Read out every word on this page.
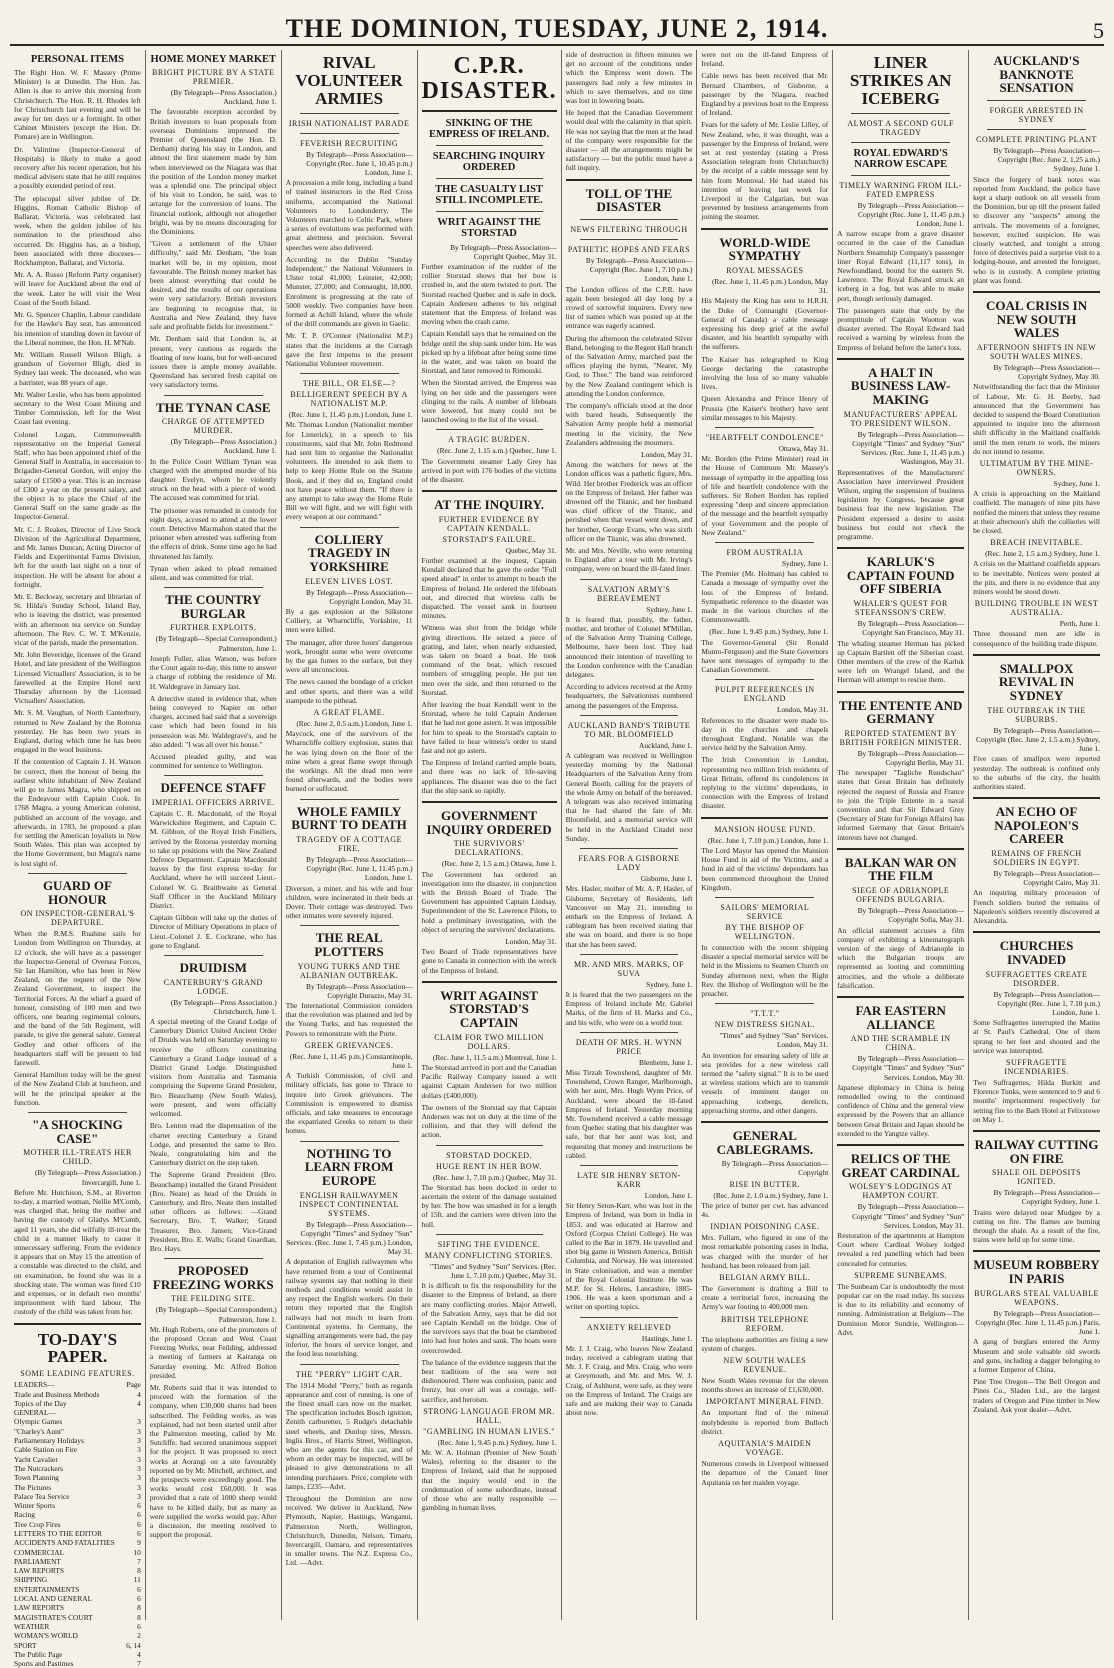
THE DOMINION, TUESDAY, JUNE 2, 1914.	5
PERSONAL ITEMS

The Right Hon. W. F. Massey (Prime Minister) is at Dunedin. The Hon. Jas. Allen is due to arrive this morning from Christchurch. The Hon. R. H. Rhodes left for Christchurch last evening and will be away for ten days or a fortnight. In other Cabinet Ministers (except the Hon. Dr. Pomare) are in Wellington.

Dr. Valintine (Inspector-General of Hospitals) is likely to make a good recovery after his recent operation, but his medical advisers state that he still requires a possibly extended period of rest.

The episcopal silver jubilee of Dr. Higgins, Roman Catholic Bishop of Ballarat, Victoria, was celebrated last week, when the golden jubilee of his nomination to the priesthood also occurred. Dr. Higgins has, as a bishop, been associated with three dioceses—Rockhampton, Ballarat, and Victoria.

Mr. A. A. Russo (Reform Party organiser) will leave for Auckland about the end of the week. Later he will visit the West Coast of the South Island.

Mr. G. Spencer Chaplin, Labour candidate for the Hawke's Bay seat, has announced his intention of standing down in favour of the Liberal nominee, the Hon. H. M'Nab.

Mr. William Russell Wilson Bligh, a grandson of Governor Bligh, died in Sydney last week. The deceased, who was a barrister, was 88 years of age.

Mr. Walter Leslie, who has been appointed secretary to the West Coast Mining and Timber Commission, left for the West Coast last evening.

Colonel Logan, Commonwealth representative on the Imperial General Staff, who has been appointed chief of the General Staff in Australia, in succession to Brigadier-General Gordon, will enjoy the salary of £1500 a year. This is an increase of £300 a year on the present salary, and the object is to place the Chief of the General Staff on the same grade as the Inspector-General.

Mr. C. J. Reakes, Director of Live Stock Division of the Agricultural Department, and Mr. James Duncan, Acting Director of Fields and Experimental Farms Division, left for the south last night on a tour of inspection. He will be absent for about a fortnight.

Mr. E. Beckway, secretary and librarian of St. Hilda's Sunday School, Island Bay, who is leaving the district, was presented with an afternoon tea service on Sunday afternoon. The Rev. C. W. T. M'Kenzie, vicar of the parish, made the presentation.

Mr. John Beveridge, licensee of the Grand Hotel, and late president of the Wellington Licensed Victuallers' Association, is to be farewelled at the Empire Hotel next Thursday afternoon by the Licensed Victuallers' Association.

Mr. S. M. Vaughan, of North Canterbury, returned to New Zealand by the Rotorua yesterday. He has been two years in England, during which time he has been engaged in the wool business.

If the contention of Captain J. H. Watson be correct, then the honour of being the earliest white inhabitant of New Zealand will go to James Magra, who shipped on the Endeavour with Captain Cook. In 1768 Magra, a young American colonist, published an account of the voyage, and afterwards, in 1783, he proposed a plan for settling the American loyalists in New South Wales. This plan was accepted by the Home Government, but Magra's name is lost sight of.

GUARD OF HONOUR
ON INSPECTOR-GENERAL'S DEPARTURE.

When the R.M.S. Ruahine sails for London from Wellington on Thursday, at 12 o'clock, she will have as a passenger the Inspector-General of Oversea Forces, Sir Ian Hamilton, who has been in New Zealand, on the request of the New Zealand Government, to inspect the Territorial Forces. At the wharf a guard of honour, consisting of 100 men and two officers, one bearing regimental colours, and the band of the 5th Regiment, will parade, to give the general salute. General Godley and other officers of the headquarters staff will be present to bid farewell.

General Hamilton today will be the guest of the New Zealand Club at luncheon, and will be the principal speaker at the function.

"A SHOCKING CASE"
MOTHER ILL-TREATS HER CHILD.
(By Telegraph—Press Association.) Invercargill, June 1.

Before Mr. Hutchison, S.M., at Riverton to-day, a married woman, Nellie M'Comb, was charged that, being the mother and having the custody of Gladys M'Comb, aged 11 years, she did wilfully ill-treat the child in a manner likely to cause it unnecessary suffering. From the evidence it appears that on May 15 the attention of a constable was directed to the child, and on examination, he found she was in a shocking state. The woman was fined £10 and expenses, or in default two months' imprisonment with hard labour. The custody of the child was taken from her.

TO-DAY'S PAPER.
SOME LEADING FEATURES.
LEADERS—	Page
Trade and Business Methods	4
Topics of the Day	4
GENERAL—
Olympic Games	3
"Charley's Aunt"	3
Parliamentary Holidays	3
Cable Station on Fire	3
Yacht Cavalier	3
The Nutcrackers	3
Town Planning	3
The Pictures	3
Palace Tea Service	3
Winter Sports	6
Racing	6
Tree Crop Fires	6
LETTERS TO THE EDITOR	6
ACCIDENTS AND FATALITIES	9
COMMERCIAL	10
PARLIAMENT	7
LAW REPORTS	8
SHIPPING	11
ENTERTAINMENTS	6
LOCAL AND GENERAL	6
LAW REPORTS	8
MAGISTRATE'S COURT	8
WEATHER	6
WOMAN'S WORLD	2
SPORT	6, 14
The Public Page	4
Sports and Pastimes	7
HOME MONEY MARKET
BRIGHT PICTURE BY A STATE PREMIER.
(By Telegraph—Press Association.) Auckland, June 1.

The favourable reception accorded by British investors to loan proposals from overseas Dominions impressed the Premier of Queensland (the Hon. D. Denham) during his stay in London, and almost the first statement made by him when interviewed on the Niagara was that the position of the London money market was a splendid one. The principal object of his visit to London, he said, was to arrange for the conversion of loans. The financial outlook, although not altogether bright, was by no means discouraging for the Dominions.

"Given a settlement of the Ulster difficulty," said Mr. Denham, "the loan market will be, in my opinion, most favourable. The British money market has been almost everything that could be desired, and the results of our operations were very satisfactory. British investors are beginning to recognise that, in Australia and New Zealand, they have safe and profitable fields for investment."

Mr. Denham said that London is, at present, very cautious as regards the floating of new loans, but for well-secured issues there is ample money available. Queensland has secured fresh capital on very satisfactory terms.

THE TYNAN CASE
CHARGE OF ATTEMPTED MURDER.
(By Telegraph—Press Association.) Auckland, June 1.

In the Police Court William Tynan was charged with the attempted murder of his daughter Evelyn, whom he violently struck on the head with a piece of wood. The accused was committed for trial.

The prisoner was remanded in custody for eight days, accused to attend at the lower court. Detective Macmahon stated that the prisoner when arrested was suffering from the effects of drink. Some time ago he had threatened his family.

Tynan when asked to plead remained silent, and was committed for trial.

THE COUNTRY BURGLAR
FURTHER EXPLOITS.
(By Telegraph—Special Correspondent.) Palmerston, June 1.

Joseph Fuller, alias Watson, was before the Court again to-day, this time to answer a charge of robbing the residence of Mr. H. Waldegrave in January last.

A detective stated in evidence that, when being conveyed to Napier on other charges, accused had said that a sovereign case which had been found in his possession was Mr. Waldegrave's, and he also added: "I was all over his house."

Accused pleaded guilty, and was committed for sentence to Wellington.

DEFENCE STAFF
IMPERIAL OFFICERS ARRIVE.

Captain C. R. Macdonald, of the Royal Warwickshire Regiment, and Captain C. M. Gibbon, of the Royal Irish Fusiliers, arrived by the Rotorua yesterday morning to take up positions with the New Zealand Defence Department. Captain Macdonald leaves by the first express to-day for Auckland, where he will succeed Lieut.-Colonel W. G. Braithwaite as General Staff Officer in the Auckland Military District.

Captain Gibbon will take up the duties of Director of Military Operations in place of Lieut.-Colonel J. E. Cockrane, who has gone to England.

DRUIDISM
CANTERBURY'S GRAND LODGE.
(By Telegraph—Press Association.) Christchurch, June 1.

A special meeting of the Grand Lodge of Canterbury District United Ancient Order of Druids was held on Saturday evening to receive the officers constituting Canterbury a Grand Lodge instead of a District Grand Lodge. Distinguished visitors from Australia and Tasmania comprising the Supreme Grand President, Bro. Beauchamp (New South Wales), were present, and were officially welcomed.

Bro. Lenton read the dispensation of the charter erecting Canterbury a Grand Lodge, and presented the same to Bro. Neale, congratulating him and the Canterbury district on the step taken.

The Supreme Grand President (Bro. Beauchamp) installed the Grand President (Bro. Neate) as head of the Druids in Canterbury, and Bro. Neate then installed other officers as follows: —Grand Secretary, Bro. T. Walker; Grand Treasurer, Bro. Jansen; Vice-Grand President, Bro. E. Walls; Grand Guardian, Bro. Hays.

PROPOSED FREEZING WORKS
THE FEILDING SITE.
(By Telegraph—Special Correspondent.) Palmerston, June 1.

Mr. Hugh Roberts, one of the promoters of the proposed Ocean and West Coast Freezing Works, near Feilding, addressed a meeting of farmers at Kairanga on Saturday evening. Mr. Alfred Bolton presided.

Mr. Roberts said that it was intended to proceed with the formation of the company, when £30,000 shares had been subscribed. The Feilding works, as was explained, had not been started until after the Palmerston meeting, called by Mr. Sutcliffe, had secured unanimous support for the project. It was proposed to erect works at Aorangi on a site favourably reported on by Mr. Mitchell, architect, and the prospects were exceedingly good. The works would cost £60,000. It was provided that a rate of 1000 sheep would have to be killed daily, but as many as were supplied the works would pay. After a discussion, the meeting resolved to support the proposal.

RIVAL VOLUNTEER ARMIES
IRISH NATIONALIST PARADE
FEVERISH RECRUITING
By Telegraph—Press Association—Copyright (Rec. June 1, 10.45 p.m.) London, June 1.

A procession a mile long, including a band of trained instructors in the Red Cross uniforms, accompanied the National Volunteers to Londonderry. The Volunteers marched to Celtic Park, where a series of evolutions was performed with great alertness and precision. Several speeches were also delivered.

According to the Dublin "Sunday Independent," the National Volunteers in Ulster total 41,000; Leinster, 42,000; Munster, 27,000; and Connaught, 18,000. Enrolment is progressing at the rate of 5000 weekly. Two companies have been formed at Achill Island, where the whole of the drill commands are given in Gaelic.

Mr. T. P. O'Connor (Nationalist M.P.) states that the incidents at the Curragh gave the first impetus to the present Nationalist Volunteer movement.

THE BILL, OR ELSE—?
BELLIGERENT SPEECH BY A NATIONALIST M.P.
(Rec. June 1, 11.45 p.m.) London, June 1.

Mr. Thomas Lundon (Nationalist member for Limerick), in a speech to his constituents, said that Mr. John Redmond had sent him to organise the Nationalist volunteers. He intended to ask them to help to keep Home Rule on the Statute Book, and if they did so, England could not have peace without them. "If there is any attempt to take away the Home Rule Bill we will fight, and we will fight with every weapon at our command."

COLLIERY TRAGEDY IN YORKSHIRE
ELEVEN LIVES LOST.
By Telegraph—Press Association—Copyright London, May 31.

By a gas explosion at the Silkstone Colliery, at Wharncliffe, Yorkshire, 11 men were killed.

The manager, after three hours' dangerous work, brought some who were overcome by the gas fumes to the surface, but they were all unconscious.

The news caused the bondage of a cricket and other sports, and there was a wild stampede to the pithead.

A GREAT FLAME.
(Rec. June 2, 0.5 a.m.) London, June 1.

Maycock, one of the survivors of the Wharncliffe colliery explosion, states that he was lying down on the floor of the mine when a great flame swept through the workings. All the dead men were found afterwards, and the bodies were burned or suffocated.

WHOLE FAMILY BURNT TO DEATH
TRAGEDY OF A COTTAGE FIRE.
By Telegraph—Press Association—Copyright (Rec. June 1, 11.45 p.m.) London, June 1.

Diverson, a miner, and his wife and four children, were incinerated in their beds at Dover. Their cottage was destroyed. Two other inmates were severely injured.

THE REAL PLOTTERS
YOUNG TURKS AND THE ALBANIAN OUTBREAK.
By Telegraph—Press Association—Copyright Durazzo, May 31.

The International Commission considers that the revolution was planned and led by the Young Turks, and has requested the Powers to remonstrate with the Porte.

GREEK GRIEVANCES.
(Rec. June 1, 11.45 p.m.) Constantinople, June 1.

A Turkish Commission, of civil and military officials, has gone to Thrace to inquire into Greek grievances. The Commission is empowered to dismiss officials, and take measures to encourage the expatriated Greeks to return to their homes.

NOTHING TO LEARN FROM EUROPE
ENGLISH RAILWAYMEN INSPECT CONTINENTAL SYSTEMS.
By Telegraph—Press Association—Copyright "Times" and Sydney "Sun" Services. (Rec. June 1, 7.45 p.m.) London, May 31.

A deputation of English railwaymen who have returned from a tour of Continental railway systems say that nothing in their methods and conditions would assist in any respect the English workers. On their return they reported that the English railways had not much to learn from Continental systems. In Germany, the signalling arrangements were bad, the pay inferior, the hours of service longer, and the food less nourishing.

THE "PERRY" LIGHT CAR.

The 1914 Model "Perry," both as regards appearance and cost of running, is one of the finest small cars now on the market. The specification includes Bosch ignition, Zenith carburetter, 5 Rudge's detachable steel wheels, and Dunlop tires, Messrs. Inglis Bros., of Harris Street, Wellington, who are the agents for this car, and of whom an order may be inspected, will be pleased to give demonstrations to all intending purchasers. Price, complete with lamps, £235—Advt.

Throughout the Dominion are now received. We deliver in Auckland, New Plymouth, Napier, Hastings, Wanganui, Palmerston North, Wellington, Christchurch, Dunedin, Nelson, Timaru, Invercargill, Oamaru, and representatives in smaller towns. The N.Z. Express Co., Ltd. —Advt.

C.P.R. DISASTER.
SINKING OF THE EMPRESS OF IRELAND.
SEARCHING INQUIRY ORDERED
THE CASUALTY LIST STILL INCOMPLETE.
WRIT AGAINST THE STORSTAD
By Telegraph—Press Association—Copyright Quebec, May 31.

Further examination of the rudder of the collier Storstad shows that her bow is crushed in, and the stem twisted to port. The Storstad reached Quebec and is safe in dock. Captain Andersen adheres to his original statement that the Empress of Ireland was moving when the crash came.

Captain Kendall says that he remained on the bridge until the ship sank under him. He was picked up by a lifeboat after being some time in the water, and was taken on board the Storstad, and later removed to Rimouski.

When the Storstad arrived, the Empress was lying on her side and the passengers were clinging to the rails. A number of lifeboats were lowered, but many could not be launched owing to the list of the vessel.

A TRAGIC BURDEN.
(Rec. June 2, 1.15 a.m.) Quebec, June 1.

The Government steamer Lady Grey has arrived in port with 176 bodies of the victims of the disaster.

AT THE INQUIRY.
FURTHER EVIDENCE BY CAPTAIN KENDALL.
STORSTAD'S FAILURE.
Quebec, May 31.

Further examined at the inquest, Captain Kendall declared that he gave the order "Full speed ahead" in order to attempt to beach the Empress of Ireland. He ordered the lifeboats out, and directed that wireless calls be dispatched. The vessel sank in fourteen minutes.

Witness was shot from the bridge while giving directions. He seized a piece of grating, and later, when nearly exhausted, was taken on board a boat. He took command of the boat, which rescued numbers of struggling people. He put ten men over the side, and then returned to the Storstad.

After leaving the boat Kendall went to the Storstad, where he told Captain Andersen that he had not gone astern. It was impossible for him to speak to the Storstad's captain to have failed to hear witness's order to stand fast and not go astern.

The Empress of Ireland carried ample boats, and there was no lack of life-saving appliances. The disaster was due to the fact that the ship sank so rapidly.

GOVERNMENT INQUIRY ORDERED
THE SURVIVORS' DECLARATIONS.
(Rec. June 2, 1.5 a.m.) Ottawa, June 1.

The Government has ordered an investigation into the disaster, in conjunction with the British Board of Trade. The Government has appointed Captain Lindsay, Superintendent of the St. Lawrence Pilots, to hold a preliminary investigation, with the object of securing the survivors' declarations.

London, May 31.

Two Board of Trade representatives have gone to Canada in connection with the wreck of the Empress of Ireland.

WRIT AGAINST STORSTAD'S CAPTAIN
CLAIM FOR TWO MILLION DOLLARS.
(Rec. June 1, 11.5 a.m.) Montreal, June 1.

The Storstad arrived in port and the Canadian Pacific Railway Company issued a writ against Captain Andersen for two million dollars (£400,000).

The owners of the Storstad say that Captain Andersen was not on duty at the time of the collision, and that they will defend the action.

STORSTAD DOCKED.
HUGE RENT IN HER BOW.
(Rec. June 1, 7.10 p.m.) Quebec, May 31.

The Storstad has been docked in order to ascertain the extent of the damage sustained by her. The bow was smashed in for a length of 15ft. and the carriers were driven into the hull.

SIFTING THE EVIDENCE.
MANY CONFLICTING STORIES.
"Times" and Sydney "Sun" Services. (Rec. June 1, 7.10 p.m.) Quebec, May 31.

It is difficult to fix the responsibility for the disaster to the Empress of Ireland, as there are many conflicting stories. Major Attwell, of the Salvation Army, says that he did not see Captain Kendall on the bridge. One of the survivors says that the boat he clambered into had four holes and sank. The boats were overcrowded.

The balance of the evidence suggests that the best traditions of the sea were not dishonoured. There was confusion, panic and frenzy, but over all was a courage, self-sacrifice, and heroism.

STRONG LANGUAGE FROM MR. HALL.
"GAMBLING IN HUMAN LIVES."
(Rec. June 1, 9.45 p.m.) Sydney, June 1.

Mr. W. A. Holman (Premier of New South Wales), referring to the disaster to the Empress of Ireland, said that he supposed that the inquiry would end in the condemnation of some subordinate, instead of those who are really responsible — gambling in human lives.

side of destruction in fifteen minutes we get no account of the conditions under which the Empress went down. The passengers had only a few minutes in which to save themselves, and no time was lost in lowering boats.

He hoped that the Canadian Government would deal with the calamity in that spirit. He was not saying that the men at the head of the company were responsible for the disaster — all the arrangements might be satisfactory — but the public must have a full inquiry.

TOLL OF THE DISASTER
NEWS FILTERING THROUGH
PATHETIC HOPES AND FEARS
By Telegraph—Press Association—Copyright (Rec. June 1, 7.10 p.m.) London, June 1.

The London offices of the C.P.R. have again been besieged all day long by a crowd of sorrowful inquirers. Every new list of names which was posted up at the entrance was eagerly scanned.

During the afternoon the celebrated Silver Band, belonging to the Regent Hall branch of the Salvation Army, marched past the offices playing the hymn, "Nearer, My God, to Thee." The band was reinforced by the New Zealand contingent which is attending the London conference.

The company's officials stood at the door with bared heads. Subsequently the Salvation Army people held a memorial meeting in the vicinity, the New Zealanders addressing the mourners.

London, May 31.

Among the watchers for news at the London offices was a pathetic figure, Mrs. Wild. Her brother Frederick was an officer on the Empress of Ireland. Her father was drowned off the Titanic, and her husband was chief officer of the Titanic, and perished when that vessel went down, and her brother, George Evans, who was sixth officer on the Titanic, was also drowned.

Mr. and Mrs. Neville, who were returning to England after a tour with Mr. Irving's company, were on board the ill-fated liner.

SALVATION ARMY'S BEREAVEMENT
Sydney, June 1.

It is feared that, possibly, the father, mother, and brother of Colonel M'Millan, of the Salvation Army Training College, Melbourne, have been lost. They had announced their intention of travelling to the London conference with the Canadian delegates.

According to advices received at the Army headquarters, the Salvationists numbered among the passengers of the Empress.

AUCKLAND BAND'S TRIBUTE TO MR. BLOOMFIELD
Auckland, June 1.

A cablegram was received in Wellington yesterday morning by the National Headquarters of the Salvation Army from General Booth, calling for the prayers of the whole Army on behalf of the bereaved. A telegram was also received intimating that he had shared the fate of Mr. Bloomfield, and a memorial service will be held in the Auckland Citadel next Sunday.

FEARS FOR A GISBORNE LADY
Gisborne, June 1.

Mrs. Hasler, mother of Mr. A. P. Hasler, of Gisborne, Secretary of Residents, left Vancouver on May 21, intending to embark on the Empress of Ireland. A cablegram has been received stating that she was on board, and there is no hope that she has been saved.

MR. AND MRS. MARKS, OF SUVA
Sydney, June 1.

It is feared that the two passengers on the Empress of Ireland include Mr. Gabriel Marks, of the firm of H. Marks and Co., and his wife, who were on a world tour.

DEATH OF MRS. H. WYNN PRICE
Blenheim, June 1.

Miss Tirzah Townshend, daughter of Mr. Townshend, Crown Ranger, Marlborough, with her aunt, Mrs. Hugh Wynn Price, of Auckland, were aboard the ill-fated Empress of Ireland. Yesterday morning Mr. Townshend received a cable message from Quebec stating that his daughter was safe, but that her aunt was lost, and requesting that money and instructions be cabled.

LATE SIR HENRY SETON-KARR
London, June 1.

Sir Henry Seton-Karr, who was lost in the Empress of Ireland, was born in India in 1853, and was educated at Harrow and Oxford (Corpus Christi College). He was called to the Bar in 1879. He travelled and shot big game in Western America, British Columbia, and Norway. He was interested in State colonisation, and was a member of the Royal Colonial Institute. He was M.P. for St. Helens, Lancashire, 1885-1906. He was a keen sportsman and a writer on sporting topics.

ANXIETY RELIEVED
Hastings, June 1.

Mr. J. J. Craig, who leaves New Zealand today, received a cablegram stating that Mr. J. F. Craig, and Mrs. Craig, who were at Greymouth, and Mr. and Mrs. W. J. Craig, of Ashhurst, were safe, as they were on the Empress of Ireland. The Craigs are safe and are making their way to Canada about now.

were not on the ill-fated Empress of Ireland.

Cable news has been received that Mr. Bernard Chambers, of Gisborne, a passenger by the Niagara, reached England by a previous boat to the Empress of Ireland.

Fears for the safety of Mr. Leslie Lilley, of New Zealand, who, it was thought, was a passenger by the Empress of Ireland, were set at rest yesterday (stating a Press Association telegram from Christchurch) by the receipt of a cable message sent by him from Montreal. He had stated his intention of leaving last week for Liverpool in the Calgarian, but was prevented by business arrangements from joining the steamer.

WORLD-WIDE SYMPATHY
ROYAL MESSAGES
(Rec. June 1, 11.45 p.m.) London, May 31.

His Majesty the King has sent to H.R.H. the Duke of Connaught (Governor-General of Canada) a cable message expressing his deep grief at the awful disaster, and his heartfelt sympathy with the sufferers.

The Kaiser has telegraphed to King George declaring the catastrophe involving the loss of so many valuable lives.

Queen Alexandra and Prince Henry of Prussia (the Kaiser's brother) have sent similar messages to his Majesty.

"HEARTFELT CONDOLENCE"
Ottawa, May 31.

Mr. Borden (the Prime Minister) read in the House of Commons Mr. Massey's message of sympathy in the appalling loss of life and heartfelt condolence with the sufferers. Sir Robert Borden has replied expressing "deep and sincere appreciation of the message and the heartfelt sympathy of your Government and the people of New Zealand."

FROM AUSTRALIA
Sydney, June 1.

The Premier (Mr. Holman) has cabled to Canada a message of sympathy over the loss of the Empress of Ireland. Sympathetic reference to the disaster was made in the various churches of the Commonwealth.

(Rec. June 1, 9.45 p.m.) Sydney, June 1.

The Governor-General (Sir Ronald Munro-Ferguson) and the State Governors have sent messages of sympathy to the Canadian Government.

PULPIT REFERENCES IN ENGLAND
London, May 31.

References to the disaster were made to-day in the churches and chapels throughout England. Notable was the service held by the Salvation Army.

The Irish Convention in London, representing two million Irish residents of Great Britain, offered its condolences in replying to the victims' dependants, in connection with the Empress of Ireland disaster.

MANSION HOUSE FUND.
(Rec. June 1, 7.10 p.m.) London, June 1.

The Lord Mayor has opened the Mansion House Fund in aid of the Victims, and a fund in aid of the victims' dependants has been commenced throughout the United Kingdom.

SAILORS' MEMORIAL SERVICE
BY THE BISHOP OF WELLINGTON.

In connection with the recent shipping disaster a special memorial service will be held in the Missions to Seamen Church on Sunday afternoon next, when the Right Rev. the Bishop of Wellington will be the preacher.

"T.T.T."
NEW DISTRESS SIGNAL.
"Times" and Sydney "Sun" Services. London, May 31.

An invention for ensuring safety of life at sea provides for a new wireless call termed the "safety signal." It is to be used at wireless stations which are to transmit vessels of imminent danger on approaching icebergs, derelicts, approaching storms, and other dangers.

GENERAL CABLEGRAMS.
By Telegraph—Press Association—Copyright
RISE IN BUTTER.
(Rec. June 2, 1.0 a.m.) Sydney, June 1.

The price of butter per cwt. has advanced 4s.

INDIAN POISONING CASE.

Mrs. Fullam, who figured in one of the most remarkable poisoning cases in India, was charged with the murder of her husband, has been released from jail.

BELGIAN ARMY BILL.

The Government is drafting a Bill to create a territorial force, increasing the Army's war footing to 400,000 men.

BRITISH TELEPHONE REFORM.

The telephone authorities are fixing a new system of charges.

NEW SOUTH WALES REVENUE.

New South Wales revenue for the eleven months shows an increase of £1,630,000.

IMPORTANT MINERAL FIND.

An important find of the mineral molybdenite is reported from Bulloch district.

AQUITANIA'S MAIDEN VOYAGE.

Numerous crowds in Liverpool witnessed the departure of the Cunard liner Aquitania on her maiden voyage.

LINER STRIKES AN ICEBERG
ALMOST A SECOND GULF TRAGEDY
ROYAL EDWARD'S NARROW ESCAPE
TIMELY WARNING FROM ILL-FATED EMPRESS
By Telegraph—Press Association—Copyright (Rec. June 1, 11.45 p.m.) London, June 1.

A narrow escape from a grave disaster occurred in the case of the Canadian Northern Steamship Company's passenger liner Royal Edward (11,117 tons), in Newfoundland, bound for the eastern St. Lawrence. The Royal Edward struck an iceberg in a fog, but was able to make port, though seriously damaged.

The passengers state that only by the promptitude of Captain Wootton was disaster averted. The Royal Edward had received a warning by wireless from the Empress of Ireland before the latter's loss.

A HALT IN BUSINESS LAW-MAKING
MANUFACTURERS' APPEAL TO PRESIDENT WILSON.
By Telegraph—Press Association—Copyright "Times" and Sydney "Sun" Services. (Rec. June 1, 11.45 p.m.) Washington, May 31.

Representatives of the Manufacturers' Association have interviewed President Wilson, urging the suspension of business legislation by Congress, because great business fear the new legislation. The President expressed a desire to assist business but could not check the programme.

KARLUK'S CAPTAIN FOUND OFF SIBERIA
WHALER'S QUEST FOR STEFANSSON'S CREW.
By Telegraph—Press Association—Copyright San Francisco, May 31.

The whaling steamer Herman has picked up Captain Bartlett off the Siberian coast. Other members of the crew of the Karluk were left on Wrangel Island, and the Herman will attempt to rescue them.

THE ENTENTE AND GERMANY
REPORTED STATEMENT BY BRITISH FOREIGN MINISTER.
By Telegraph—Press Association—Copyright Berlin, May 31.

The newspaper "Tagliche Rundschau" states that Great Britain has definitely rejected the request of Russia and France to join the Triple Entente in a naval convention and that Sir Edward Grey (Secretary of State for Foreign Affairs) has informed Germany that Great Britain's interests have not changed.

BALKAN WAR ON THE FILM
SIEGE OF ADRIANOPLE OFFENDS BULGARIA.
By Telegraph—Press Association—Copyright Sofia, May 31.

An official statement accuses a film company of exhibiting a kinematograph version of the siege of Adrianople in which the Bulgarian troops are represented as looting and committing atrocities, and the whole a deliberate falsification.

FAR EASTERN ALLIANCE
AND THE SCRAMBLE IN CHINA.
By Telegraph—Press Association—Copyright "Times" and Sydney "Sun" Services. London, May 30.

Japanese diplomacy in China is being remodelled owing to the continued confidence of China and the general view expressed by the Powers that an alliance between Great Britain and Japan should be extended to the Yangtze valley.

RELICS OF THE GREAT CARDINAL
WOLSEY'S LODGINGS AT HAMPTON COURT.
By Telegraph—Press Association—Copyright "Times" and Sydney "Sun" Services. London, May 31.

Restoration of the apartments at Hampton Court where Cardinal Wolsey lodged revealed a red panelling which had been concealed for centuries.

SUPREME SUNBEAMS.

The Sunbeam Car is undoubtedly the most popular car on the road today. Its success is due to its reliability and economy of running. Administration at Belgium—The Dominion Motor Sundrie, Wellington—Advt.

AUCKLAND'S BANKNOTE SENSATION
FORGER ARRESTED IN SYDNEY
COMPLETE PRINTING PLANT
By Telegraph—Press Association—Copyright (Rec. June 2, 1.25 a.m.) Sydney, June 1.

Since the forgery of bank notes was reported from Auckland, the police have kept a sharp outlook on all vessels from the Dominion, but up till the present failed to discover any "suspects" among the arrivals. The movements of a foreigner, however, excited suspicion. He was closely watched, and tonight a strong force of detectives paid a surprise visit to a lodging-house, and arrested the foreigner, who is in custody. A complete printing plant was found.

COAL CRISIS IN NEW SOUTH WALES
AFTERNOON SHIFTS IN NEW SOUTH WALES MINES.
By Telegraph—Press Association—Copyright Sydney, May 30.

Notwithstanding the fact that the Minister of Labour, Mr. G. H. Beeby, had announced that the Government has decided to suspend the Board Constitution appointed to inquire into the afternoon shift difficulty in the Maitland coalfields until the men return to work, the miners do not intend to resume.

ULTIMATUM BY THE MINE-OWNERS.
Sydney, June 1.

A crisis is approaching on the Maitland coalfield. The managers of nine pits have notified the miners that unless they resume at their afternoon's shift the collieries will be closed.

BREACH INEVITABLE.
(Rec. June 2, 1.5 a.m.) Sydney, June 1.

A crisis on the Maitland coalfields appears to be inevitable. Notices were posted at the pits, and there is no evidence that any miners would be stood down.

BUILDING TROUBLE IN WEST AUSTRALIA.
Perth, June 1.

Three thousand men are idle in consequence of the building trade dispute.

SMALLPOX REVIVAL IN SYDNEY
THE OUTBREAK IN THE SUBURBS.
By Telegraph—Press Association—Copyright (Rec. June 2, 1.5 a.m.) Sydney, June 1.

Five cases of smallpox were reported yesterday. The outbreak is confined only to the suburbs of the city, the health authorities stated.

AN ECHO OF NAPOLEON'S CAREER
REMAINS OF FRENCH SOLDIERS IN EGYPT.
By Telegraph—Press Association—Copyright Cairo, May 31.

An inquiring military procession of French soldiers buried the remains of Napoleon's soldiers recently discovered at Alexandria.

CHURCHES INVADED
SUFFRAGETTES CREATE DISORDER.
By Telegraph—Press Association—Copyright (Rec. June 1, 7.10 p.m.) London, June 1.

Some Suffragettes interrupted the Matins at St. Paul's Cathedral. One of them sprang to her feet and shouted and the service was interrupted.

SUFFRAGETTE INCENDIARIES.

Two Suffragettes, Hilda Burkitt and Florence Tunks, were sentenced to 9 and 6 months' imprisonment respectively for setting fire to the Bath Hotel at Felixstowe on May 1.

RAILWAY CUTTING ON FIRE
SHALE OIL DEPOSITS IGNITED.
By Telegraph—Press Association—Copyright Sydney, June 1.

Trains were delayed near Mudgee by a cutting on fire. The flames are burning through the shale. As a result of the fire, trains were held up for some time.

MUSEUM ROBBERY IN PARIS
BURGLARS STEAL VALUABLE WEAPONS.
By Telegraph—Press Association—Copyright (Rec. June 1, 11.45 p.m.) Paris, June 1.

A gang of burglars entered the Army Museum and stole valuable old swords and guns, including a dagger belonging to a former Emperor of China.

Pine Tree Oregon—The Bell Oregon and Pines Co., Sladen Ltd., are the largest traders of Oregon and Pine timber in New Zealand. Ask your dealer—Advt.
